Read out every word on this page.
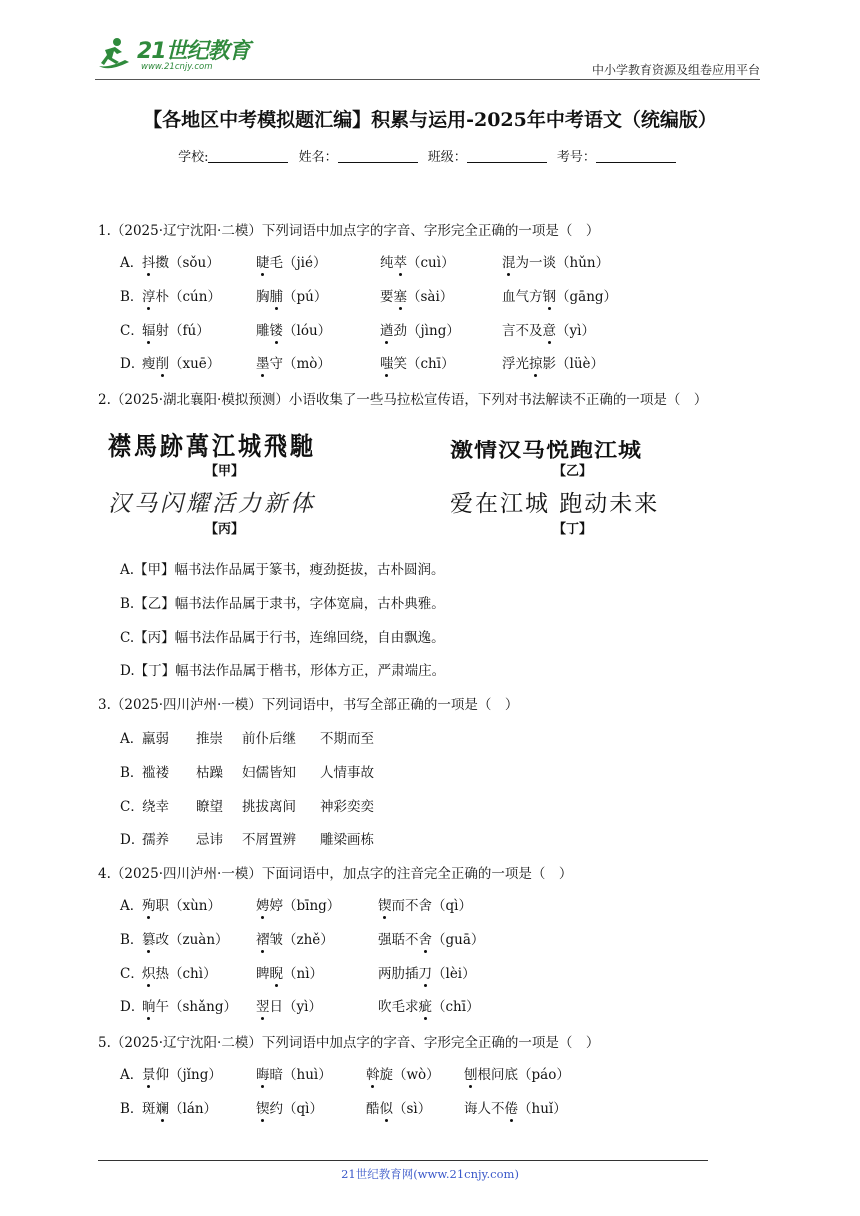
21世纪教育
www.21cnjy.com	中小学教育资源及组卷应用平台
【各地区中考模拟题汇编】积累与运用-2025年中考语文（统编版）
学校:	姓名：	班级：	考号：
1.（2025·辽宁沈阳·二模）下列词语中加点字的字音、字形完全正确的一项是（　）
A．
抖擞（sǒu）	睫毛（jié）	纯萃（cuì）	混为一谈（hǔn）
B．
淳朴（cún）	胸脯（pú）	要塞（sài）	血气方钢（gāng）
C．
辐射（fú）	雕镂（lóu）	遒劲（jìng）	言不及意（yì）
D．
瘦削（xuē）	墨守（mò）	嗤笑（chī）	浮光掠影（lüè）
2.（2025·湖北襄阳·模拟预测）小语收集了一些马拉松宣传语，下列对书法解读不正确的一项是（　）
襟馬跡萬江城飛馳
【甲】
激情汉马悦跑江城
【乙】
汉马闪耀活力新体
【丙】
爱在江城 跑动未来
【丁】
A.【甲】幅书法作品属于篆书，瘦劲挺拔，古朴圆润。
B.【乙】幅书法作品属于隶书，字体宽扁，古朴典雅。
C.【丙】幅书法作品属于行书，连绵回绕，自由飘逸。
D.【丁】幅书法作品属于楷书，形体方正，严肃端庄。
3.（2025·四川泸州·一模）下列词语中，书写全部正确的一项是（　）
A．
羸弱 推崇 前仆后继 不期而至
B．
褴褛 枯躁 妇儒皆知 人情事故
C．
绕幸 瞭望 挑拔离间 神彩奕奕
D．
孺养 忌讳 不屑置辨 雕梁画栋
4.（2025·四川泸州·一模）下面词语中，加点字的注音完全正确的一项是（　）
A．
殉职（xùn）	娉婷（bīng）	锲而不舍（qì）
B．
篡改（zuàn） 褶皱（zhě）	强聒不舍（guā）
C．
炽热（chì）	睥睨（nì）	两肋插刀（lèi）
D．
晌午（shǎng） 翌日（yì）	吹毛求疵（chī）
5.（2025·辽宁沈阳·二模）下列词语中加点字的字音、字形完全正确的一项是（　）
A．
景仰（jǐng）	晦暗（huì）	斡旋（wò） 刨根问底（páo）
B．
斑斓（lán）	锲约（qì）	酷似（sì） 诲人不倦（huǐ）
21世纪教育网(www.21cnjy.com)
